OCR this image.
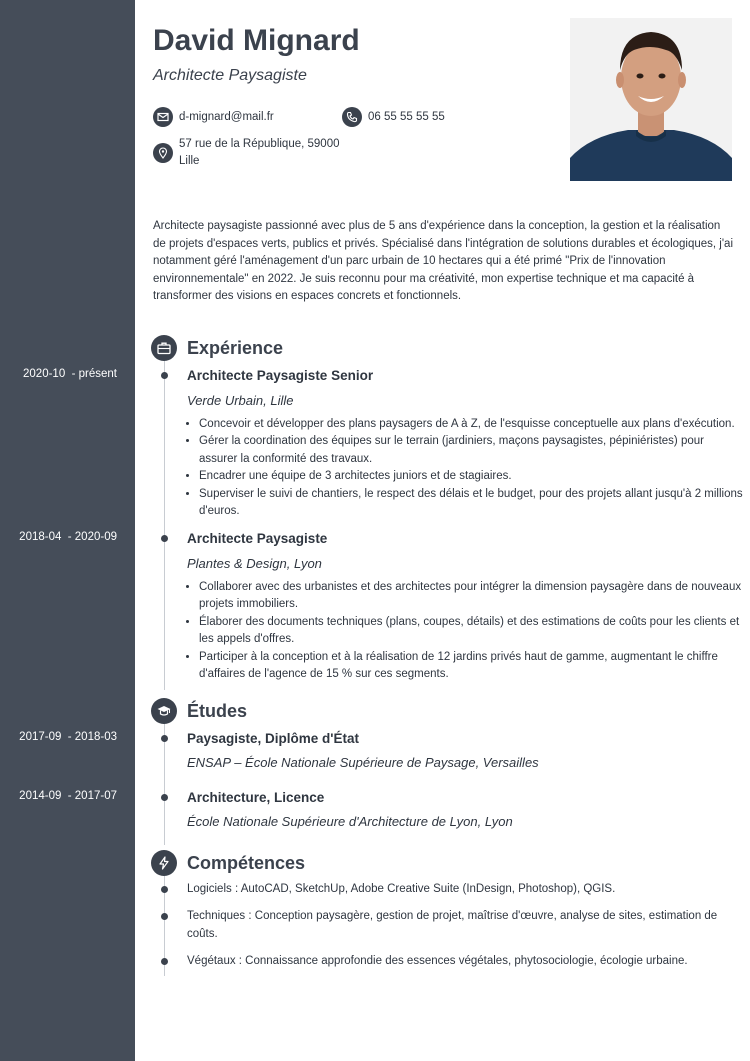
David Mignard
Architecte Paysagiste
d-mignard@mail.fr	06 55 55 55 55
57 rue de la République, 59000
Lille
Architecte paysagiste passionné avec plus de 5 ans d'expérience dans la conception, la gestion et la réalisation de projets d'espaces verts, publics et privés. Spécialisé dans l'intégration de solutions durables et écologiques, j'ai notamment géré l'aménagement d'un parc urbain de 10 hectares qui a été primé "Prix de l'innovation environnementale" en 2022. Je suis reconnu pour ma créativité, mon expertise technique et ma capacité à transformer des visions en espaces concrets et fonctionnels.
Expérience
2020-10  - présent	Architecte Paysagiste Senior
Verde Urbain, Lille
• Concevoir et développer des plans paysagers de A à Z, de l'esquisse conceptuelle aux plans d'exécution.
• Gérer la coordination des équipes sur le terrain (jardiniers, maçons paysagistes, pépiniéristes) pour assurer la conformité des travaux.
• Encadrer une équipe de 3 architectes juniors et de stagiaires.
• Superviser le suivi de chantiers, le respect des délais et le budget, pour des projets allant jusqu'à 2 millions d'euros.
2018-04  - 2020-09	Architecte Paysagiste
Plantes & Design, Lyon
• Collaborer avec des urbanistes et des architectes pour intégrer la dimension paysagère dans de nouveaux projets immobiliers.
• Élaborer des documents techniques (plans, coupes, détails) et des estimations de coûts pour les clients et les appels d'offres.
• Participer à la conception et à la réalisation de 12 jardins privés haut de gamme, augmentant le chiffre d'affaires de l'agence de 15 % sur ces segments.
Études
2017-09  - 2018-03	Paysagiste, Diplôme d'État
ENSAP – École Nationale Supérieure de Paysage, Versailles
2014-09  - 2017-07	Architecture, Licence
École Nationale Supérieure d'Architecture de Lyon, Lyon
Compétences
Logiciels : AutoCAD, SketchUp, Adobe Creative Suite (InDesign, Photoshop), QGIS.
Techniques : Conception paysagère, gestion de projet, maîtrise d'œuvre, analyse de sites, estimation de coûts.
Végétaux : Connaissance approfondie des essences végétales, phytosociologie, écologie urbaine.
